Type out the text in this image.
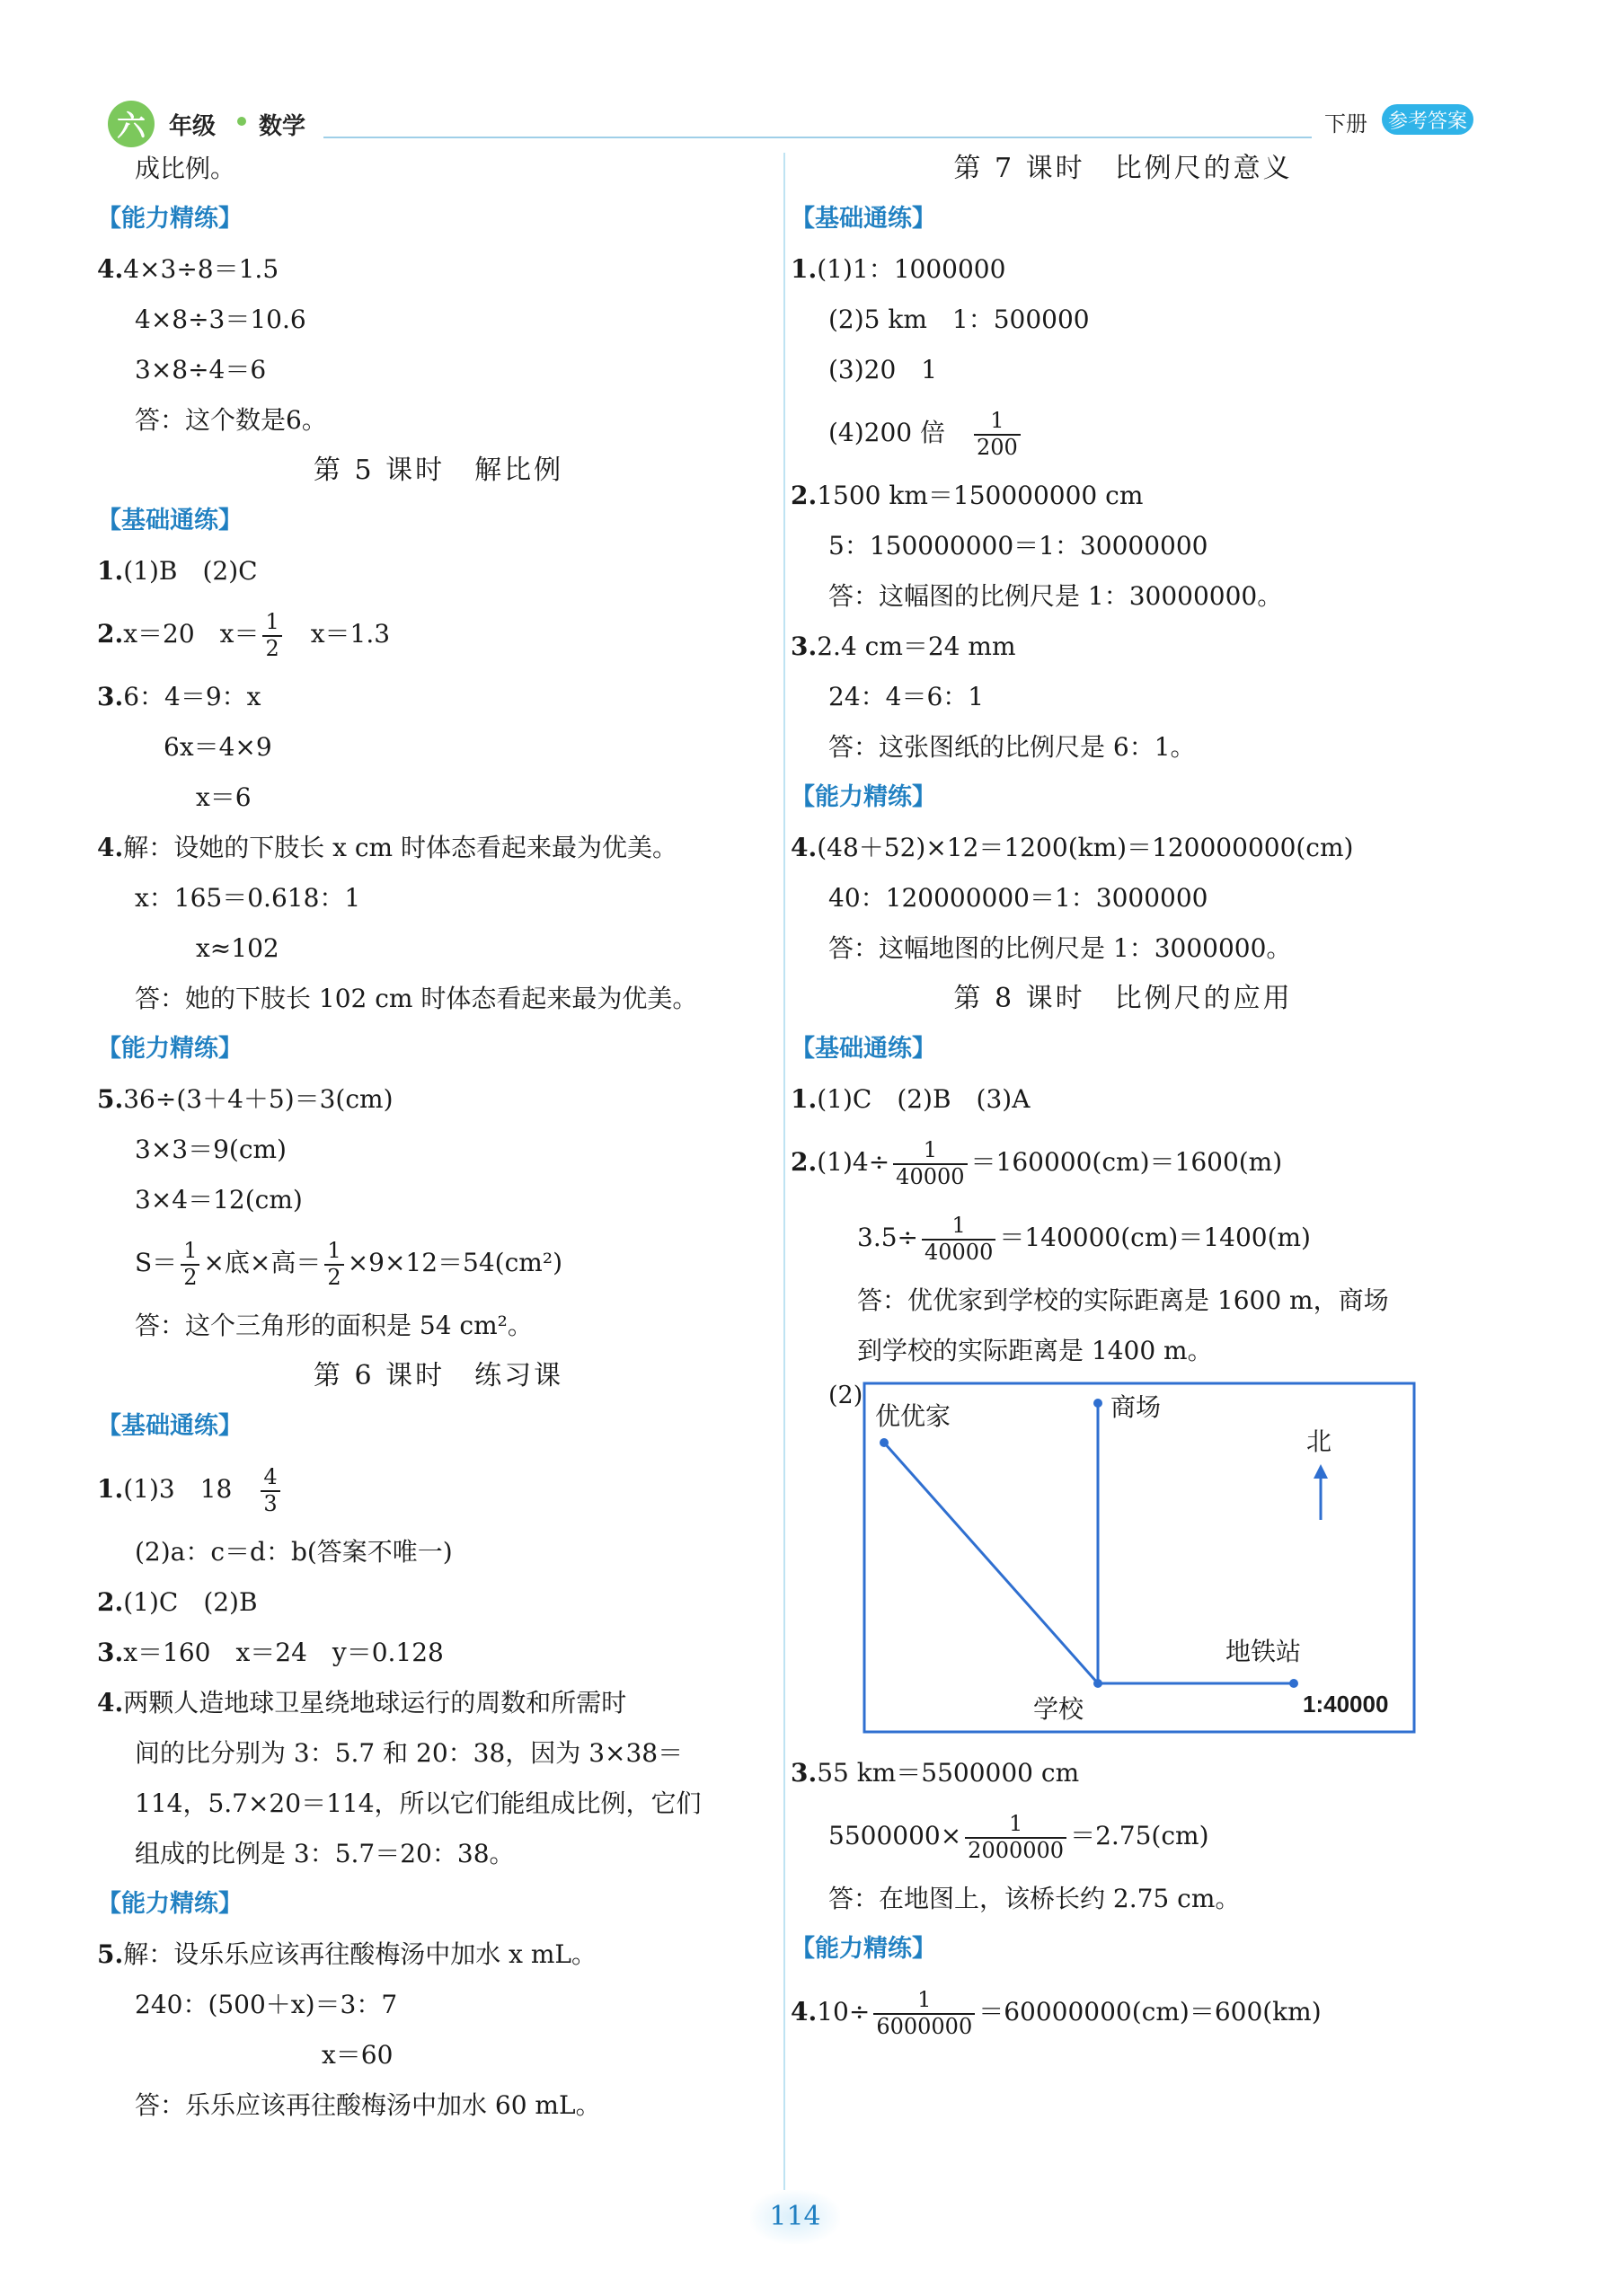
六	年级 数学	下册	参考答案
成比例。
【能力精练】
4.4×3÷8＝1.5
4×8÷3＝10.6
3×8÷4＝6
答：这个数是6。
第 5 课时　解比例
【基础通练】
1.(1)B　(2)C
2.x＝20　$x= \frac{1}{2}$ 　x＝1.3
3.6：4＝9：x
6x＝4×9
x＝6
4.解：设她的下肢长 x cm 时体态看起来最为优美。
x：165＝0.618：1
x≈102
答：她的下肢长 102 cm 时体态看起来最为优美。
【能力精练】
5.36÷(3＋4＋5)＝3(cm)
3×3＝9(cm)
3×4＝12(cm)
$S= \frac{1}{2}$ ×底×高＝ $\frac{1}{2} \times 9\times 12=54(cm^2)$
答：这个三角形的面积是 54 cm²。
第 6 课时　练习课
【基础通练】
1.(1)3　18　 $\frac{4}{3}$
(2)a：c＝d：b(答案不唯一)
2.(1)C　(2)B
3.x＝160　x＝24　y＝0.128
4.两颗人造地球卫星绕地球运行的周数和所需时
间的比分别为 3：5.7 和 20：38，因为 3×38＝
114，5.7×20＝114，所以它们能组成比例，它们
组成的比例是 3：5.7＝20：38。
【能力精练】
5.解：设乐乐应该再往酸梅汤中加水 x mL。
240：(500＋x)＝3：7
x＝60
答：乐乐应该再往酸梅汤中加水 60 mL。
第 7 课时　比例尺的意义
【基础通练】
1.(1)1：1000000
(2)5 km　1：500000
(3)20　1
(4)200 倍　 $\frac{1}{200}$
2.1500 km＝150000000 cm
5：150000000＝1：30000000
答：这幅图的比例尺是 1：30000000。
3.2.4 cm＝24 mm
24：4＝6：1
答：这张图纸的比例尺是 6：1。
【能力精练】
4.(48＋52)×12＝1200(km)＝120000000(cm)
40：120000000＝1：3000000
答：这幅地图的比例尺是 1：3000000。
第 8 课时　比例尺的应用
【基础通练】
1.(1)C　(2)B　(3)A
$2.(1)4\div \frac{1}{40000} =160000(cm)=1600(m)$
$3.5\div \frac{1}{40000} =140000(cm)=1400(m)$
答：优优家到学校的实际距离是 1600 m，商场
到学校的实际距离是 1400 m。
(2)
优优家	商场
北
地铁站
学校	1:40000
3.55 km＝5500000 cm
$5500000\times \frac{1}{2000000} =2.75(cm)$
答：在地图上，该桥长约 2.75 cm。
【能力精练】
$4.10\div \frac{1}{6000000} =60000000(cm)=600(km)$
114
